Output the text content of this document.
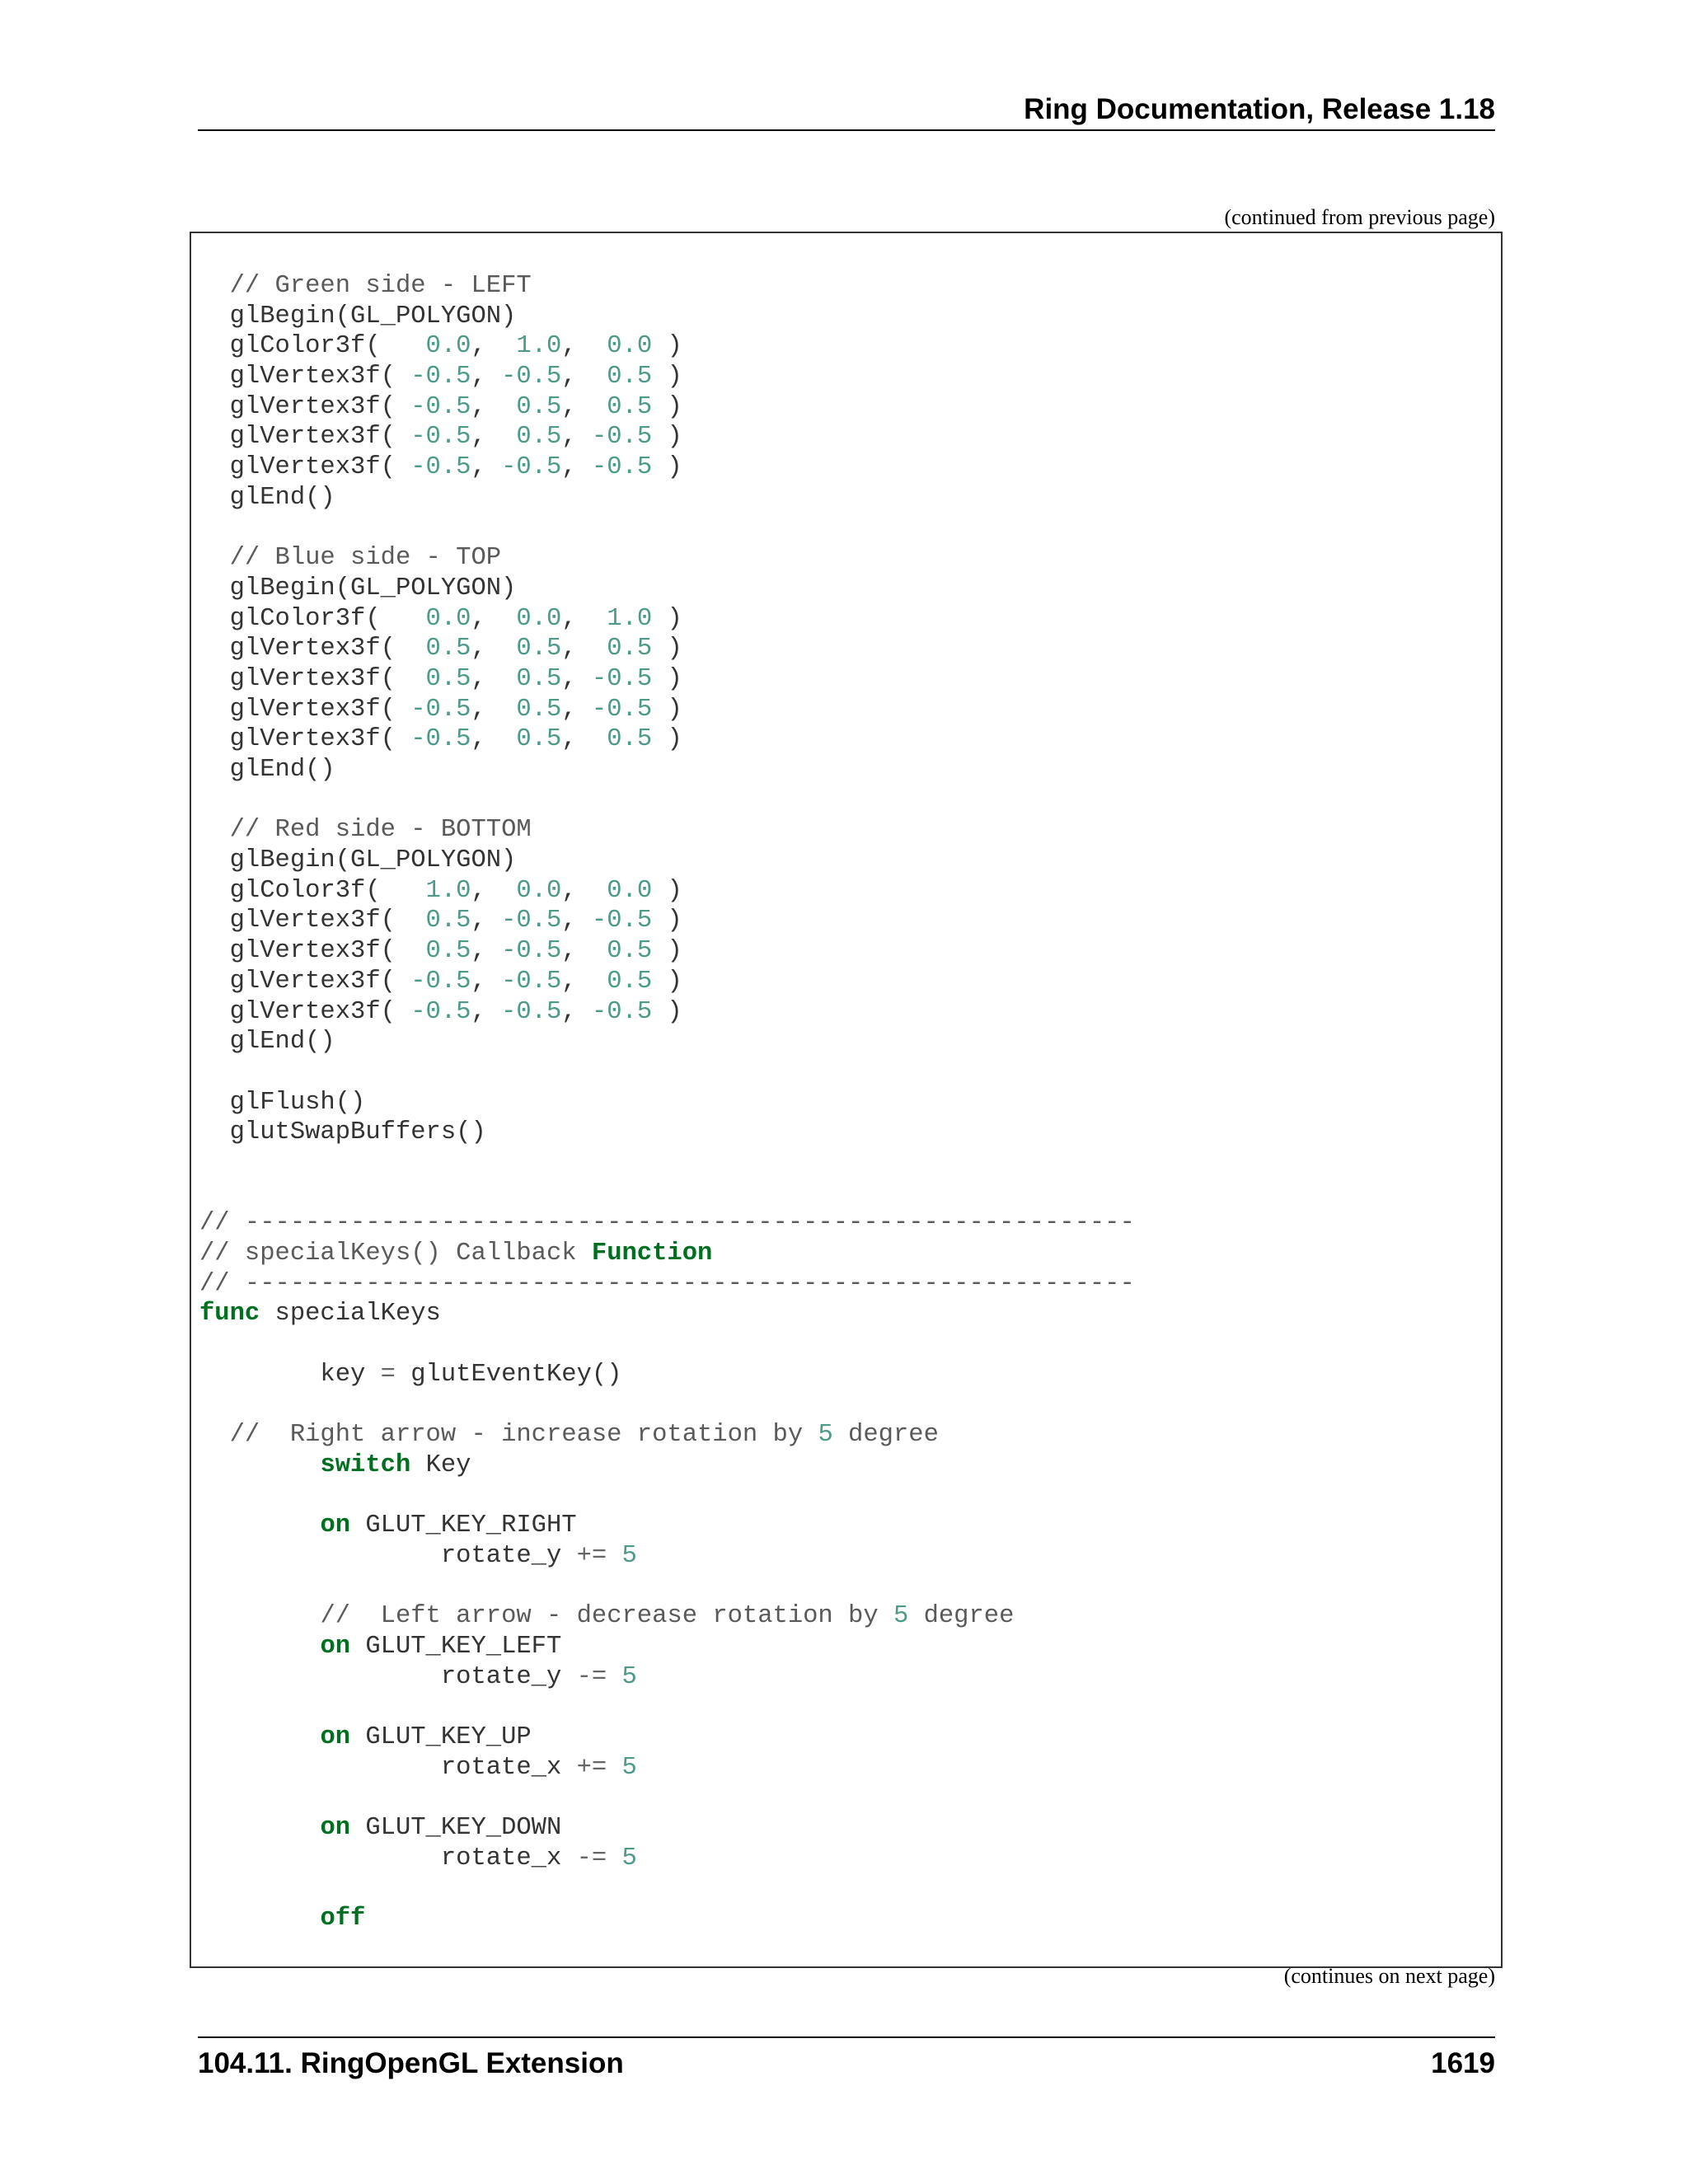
Ring Documentation, Release 1.18
(continued from previous page)
// Green side - LEFT
glBegin(GL_POLYGON)
glColor3f(   0.0,  1.0,  0.0 )
glVertex3f( -0.5, -0.5,  0.5 )
glVertex3f( -0.5,  0.5,  0.5 )
glVertex3f( -0.5,  0.5, -0.5 )
glVertex3f( -0.5, -0.5, -0.5 )
glEnd()
// Blue side - TOP
glBegin(GL_POLYGON)
glColor3f(   0.0,  0.0,  1.0 )
glVertex3f(  0.5,  0.5,  0.5 )
glVertex3f(  0.5,  0.5, -0.5 )
glVertex3f( -0.5,  0.5, -0.5 )
glVertex3f( -0.5,  0.5,  0.5 )
glEnd()
// Red side - BOTTOM
glBegin(GL_POLYGON)
glColor3f(   1.0,  0.0,  0.0 )
glVertex3f(  0.5, -0.5, -0.5 )
glVertex3f(  0.5, -0.5,  0.5 )
glVertex3f( -0.5, -0.5,  0.5 )
glVertex3f( -0.5, -0.5, -0.5 )
glEnd()
glFlush()
glutSwapBuffers()
// -----------------------------------------------------------
// specialKeys() Callback Function
// -----------------------------------------------------------
func specialKeys
key = glutEventKey()
//  Right arrow - increase rotation by 5 degree
switch Key
on GLUT_KEY_RIGHT
rotate_y += 5
//  Left arrow - decrease rotation by 5 degree
on GLUT_KEY_LEFT
rotate_y -= 5
on GLUT_KEY_UP
rotate_x += 5
on GLUT_KEY_DOWN
rotate_x -= 5
off
(continues on next page)
104.11. RingOpenGL Extension	1619
